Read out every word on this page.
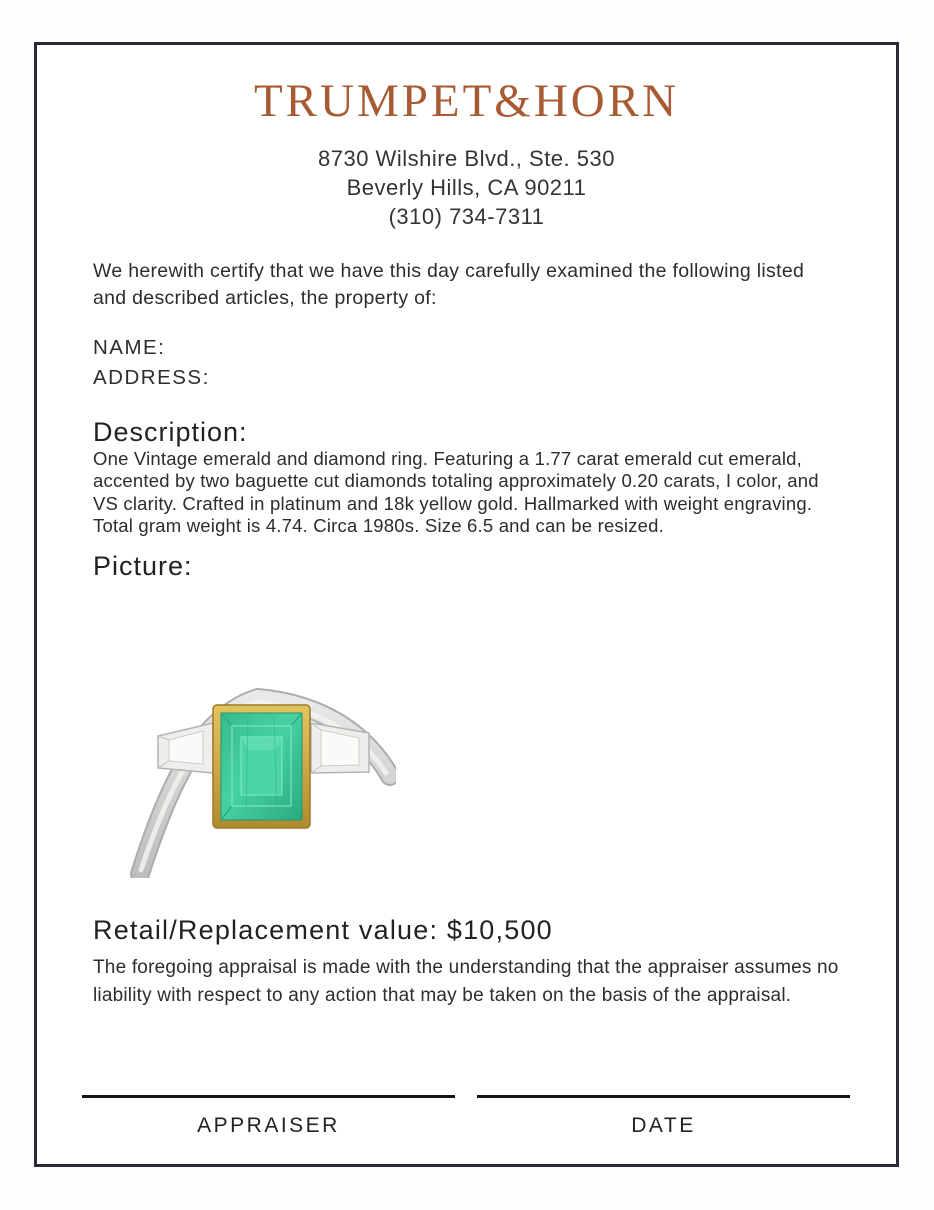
TRUMPET&HORN
8730 Wilshire Blvd., Ste. 530
Beverly Hills, CA 90211
(310) 734-7311

We herewith certify that we have this day carefully examined the following listed and described articles, the property of:

NAME:
ADDRESS:
Description:

One Vintage emerald and diamond ring. Featuring a 1.77 carat emerald cut emerald, accented by two baguette cut diamonds totaling approximately 0.20 carats, I color, and VS clarity. Crafted in platinum and 18k yellow gold. Hallmarked with weight engraving. Total gram weight is 4.74. Circa 1980s. Size 6.5 and can be resized.

Picture:
Retail/Replacement value: $10,500

The foregoing appraisal is made with the understanding that the appraiser assumes no liability with respect to any action that may be taken on the basis of the appraisal.

APPRAISER	DATE
